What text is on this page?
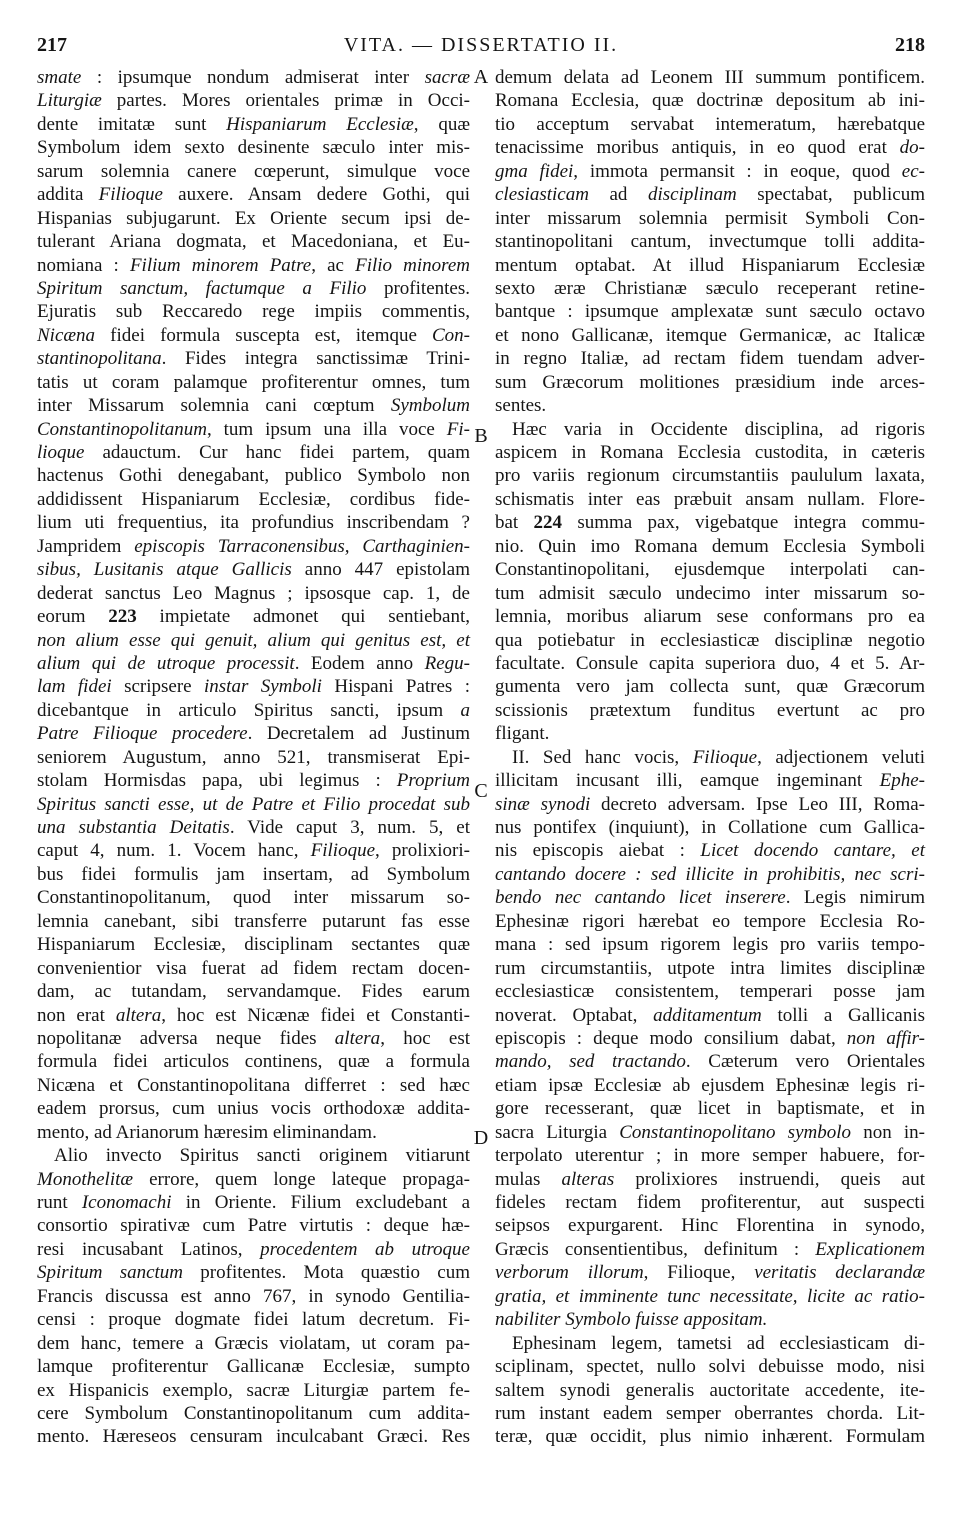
217	VITA. — DISSERTATIO II.	218
smate : ipsumque nondum admiserat inter sacræ
Liturgiæ partes. Mores orientales primæ in Occi-
dente imitatæ sunt Hispaniarum Ecclesiæ, quæ
Symbolum idem sexto desinente sæculo inter mis-
sarum solemnia canere cœperunt, simulque voce
addita Filioque auxere. Ansam dedere Gothi, qui
Hispanias subjugarunt. Ex Oriente secum ipsi de-
tulerant Ariana dogmata, et Macedoniana, et Eu-
nomiana : Filium minorem Patre, ac Filio minorem
Spiritum sanctum, factumque a Filio profitentes.
Ejuratis sub Reccaredo rege impiis commentis,
Nicæna fidei formula suscepta est, itemque Con-
stantinopolitana. Fides integra sanctissimæ Trini-
tatis ut coram palamque profiterentur omnes, tum
inter Missarum solemnia cani cœptum Symbolum
Constantinopolitanum, tum ipsum una illa voce Fi-
lioque adauctum. Cur hanc fidei partem, quam
hactenus Gothi denegabant, publico Symbolo non
addidissent Hispaniarum Ecclesiæ, cordibus fide-
lium uti frequentius, ita profundius inscribendam ?
Jampridem episcopis Tarraconensibus, Carthaginien-
sibus, Lusitanis atque Gallicis anno 447 epistolam
dederat sanctus Leo Magnus ; ipsosque cap. 1, de
eorum 223 impietate admonet qui sentiebant,
non alium esse qui genuit, alium qui genitus est, et
alium qui de utroque processit. Eodem anno Regu-
lam fidei scripsere instar Symboli Hispani Patres :
dicebantque in articulo Spiritus sancti, ipsum a
Patre Filioque procedere. Decretalem ad Justinum
seniorem Augustum, anno 521, transmiserat Epi-
stolam Hormisdas papa, ubi legimus : Proprium
Spiritus sancti esse, ut de Patre et Filio procedat sub
una substantia Deitatis. Vide caput 3, num. 5, et
caput 4, num. 1. Vocem hanc, Filioque, prolixiori-
bus fidei formulis jam insertam, ad Symbolum
Constantinopolitanum, quod inter missarum so-
lemnia canebant, sibi transferre putarunt fas esse
Hispaniarum Ecclesiæ, disciplinam sectantes quæ
convenientior visa fuerat ad fidem rectam docen-
dam, ac tutandam, servandamque. Fides earum
non erat altera, hoc est Nicænæ fidei et Constanti-
nopolitanæ adversa neque fides altera, hoc est
formula fidei articulos continens, quæ a formula
Nicæna et Constantinopolitana differret : sed hæc
eadem prorsus, cum unius vocis orthodoxæ addita-
mento, ad Arianorum hæresim eliminandam.
Alio invecto Spiritus sancti originem vitiarunt
Monothelitæ errore, quem longe lateque propaga-
runt Iconomachi in Oriente. Filium excludebant a
consortio spirativæ cum Patre virtutis : deque hæ-
resi incusabant Latinos, procedentem ab utroque
Spiritum sanctum profitentes. Mota quæstio cum
Francis discussa est anno 767, in synodo Gentilia-
censi : proque dogmate fidei latum decretum. Fi-
dem hanc, temere a Græcis violatam, ut coram pa-
lamque profiterentur Gallicanæ Ecclesiæ, sumpto
ex Hispanicis exemplo, sacræ Liturgiæ partem fe-
cere Symbolum Constantinopolitanum cum addita-
mento. Hæreseos censuram inculcabant Græci. Res
A
B
C
D
demum delata ad Leonem III summum pontificem.
Romana Ecclesia, quæ doctrinæ depositum ab ini-
tio acceptum servabat intemeratum, hærebatque
tenacissime moribus antiquis, in eo quod erat do-
gma fidei, immota permansit : in eoque, quod ec-
clesiasticam ad disciplinam spectabat, publicum
inter missarum solemnia permisit Symboli Con-
stantinopolitani cantum, invectumque tolli addita-
mentum optabat. At illud Hispaniarum Ecclesiæ
sexto æræ Christianæ sæculo receperant retine-
bantque : ipsumque amplexatæ sunt sæculo octavo
et nono Gallicanæ, itemque Germanicæ, ac Italicæ
in regno Italiæ, ad rectam fidem tuendam adver-
sum Græcorum molitiones præsidium inde arces-
sentes.
Hæc varia in Occidente disciplina, ad rigoris
aspicem in Romana Ecclesia custodita, in cæteris
pro variis regionum circumstantiis paululum laxata,
schismatis inter eas præbuit ansam nullam. Flore-
bat 224 summa pax, vigebatque integra commu-
nio. Quin imo Romana demum Ecclesia Symboli
Constantinopolitani, ejusdemque interpolati can-
tum admisit sæculo undecimo inter missarum so-
lemnia, moribus aliarum sese conformans pro ea
qua potiebatur in ecclesiasticæ disciplinæ negotio
facultate. Consule capita superiora duo, 4 et 5. Ar-
gumenta vero jam collecta sunt, quæ Græcorum
scissionis prætextum funditus evertunt ac pro
fligant.
II. Sed hanc vocis, Filioque, adjectionem veluti
illicitam incusant illi, eamque ingeminant Ephe-
sinæ synodi decreto adversam. Ipse Leo III, Roma-
nus pontifex (inquiunt), in Collatione cum Gallica-
nis episcopis aiebat : Licet docendo cantare, et
cantando docere : sed illicite in prohibitis, nec scri-
bendo nec cantando licet inserere. Legis nimirum
Ephesinæ rigori hærebat eo tempore Ecclesia Ro-
mana : sed ipsum rigorem legis pro variis tempo-
rum circumstantiis, utpote intra limites disciplinæ
ecclesiasticæ consistentem, temperari posse jam
noverat. Optabat, additamentum tolli a Gallicanis
episcopis : deque modo consilium dabat, non affir-
mando, sed tractando. Cæterum vero Orientales
etiam ipsæ Ecclesiæ ab ejusdem Ephesinæ legis ri-
gore recesserant, quæ licet in baptismate, et in
sacra Liturgia Constantinopolitano symbolo non in-
terpolato uterentur ; in more semper habuere, for-
mulas alteras prolixiores instruendi, queis aut
fideles rectam fidem profiterentur, aut suspecti
seipsos expurgarent. Hinc Florentina in synodo,
Græcis consentientibus, definitum : Explicationem
verborum illorum, Filioque, veritatis declarandæ
gratia, et imminente tunc necessitate, licite ac ratio-
nabiliter Symbolo fuisse appositam.
Ephesinam legem, tametsi ad ecclesiasticam di-
sciplinam, spectet, nullo solvi debuisse modo, nisi
saltem synodi generalis auctoritate accedente, ite-
rum instant eadem semper oberrantes chorda. Lit-
teræ, quæ occidit, plus nimio inhærent. Formulam
